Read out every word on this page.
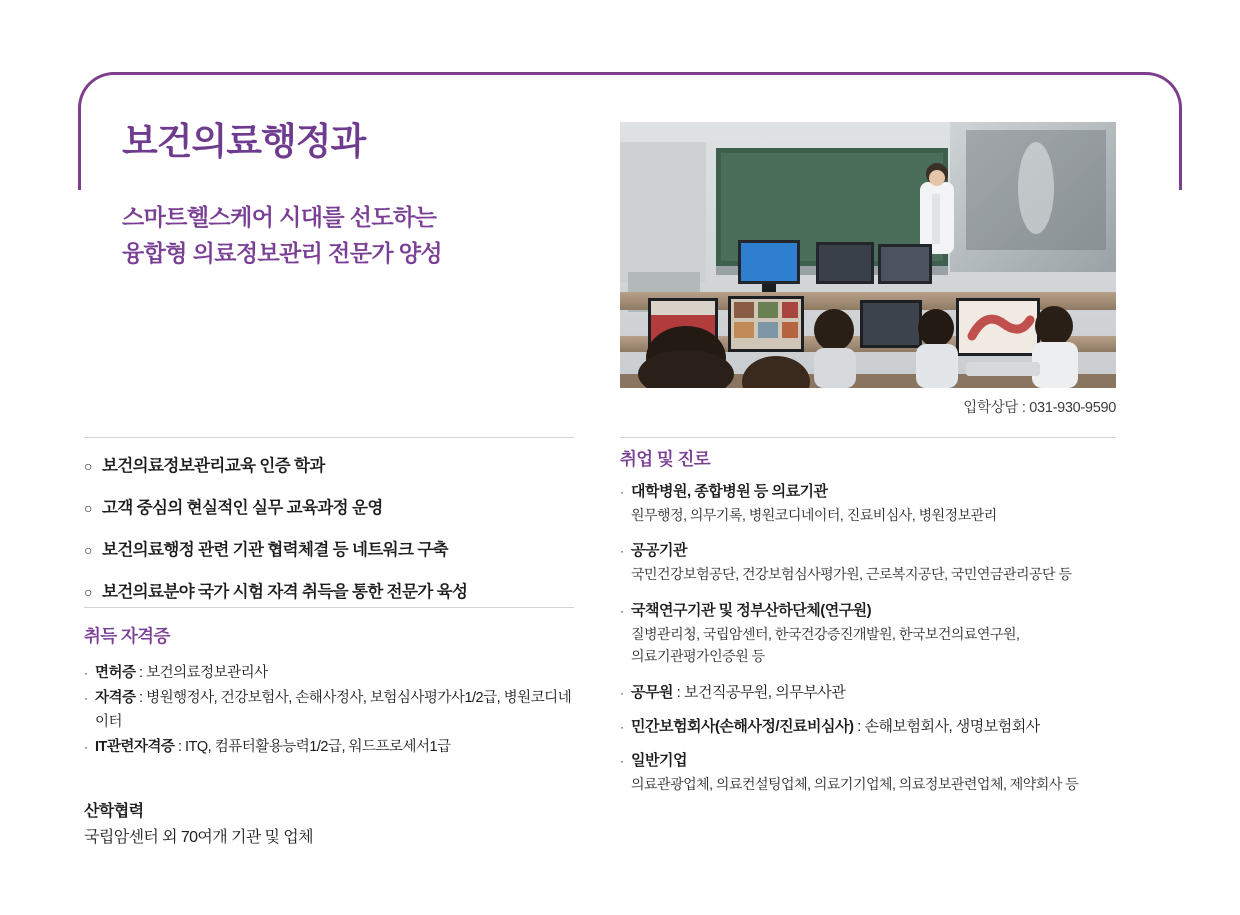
보건의료행정과
스마트헬스케어 시대를 선도하는
융합형 의료정보관리 전문가 양성
입학상담 : 031-930-9590
○ 보건의료정보관리교육 인증 학과
○ 고객 중심의 현실적인 실무 교육과정 운영
○ 보건의료행정 관련 기관 협력체결 등 네트워크 구축
○ 보건의료분야 국가 시험 자격 취득을 통한 전문가 육성
취득 자격증
· 면허증 : 보건의료정보관리사
· 자격증 : 병원행정사, 건강보험사, 손해사정사, 보험심사평가사1/2급, 병원코디네이터
· IT관련자격증 : ITQ, 컴퓨터활용능력1/2급, 워드프로세서1급
산학협력
국립암센터 외 70여개 기관 및 업체
취업 및 진로
· 대학병원, 종합병원 등 의료기관
원무행정, 의무기록, 병원코디네이터, 진료비심사, 병원정보관리
· 공공기관
국민건강보험공단, 건강보험심사평가원, 근로복지공단, 국민연금관리공단 등
· 국책연구기관 및 정부산하단체(연구원)
질병관리청, 국립암센터, 한국건강증진개발원, 한국보건의료연구원,
의료기관평가인증원 등
· 공무원 : 보건직공무원, 의무부사관
· 민간보험회사(손해사정/진료비심사) : 손해보험회사, 생명보험회사
· 일반기업
의료관광업체, 의료컨설팅업체, 의료기기업체, 의료정보관련업체, 제약회사 등
